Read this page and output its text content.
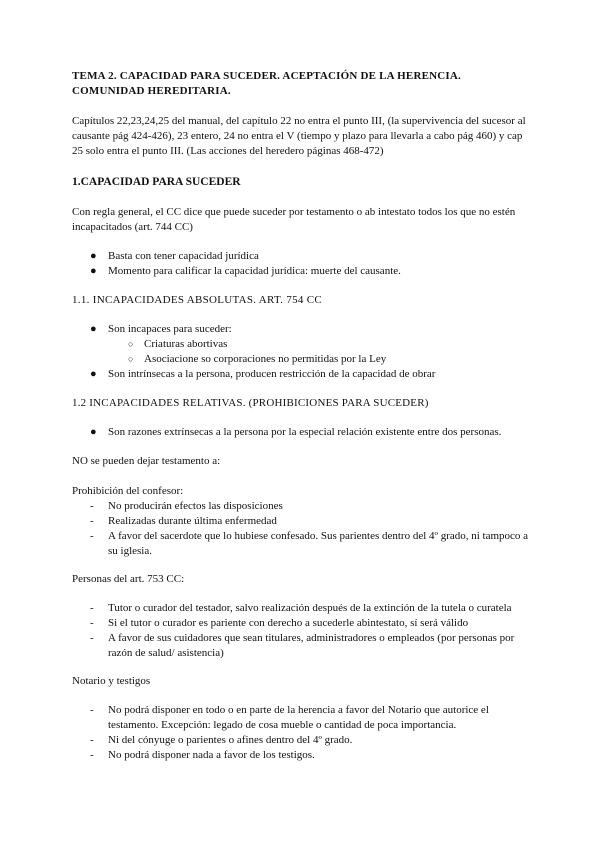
TEMA 2. CAPACIDAD PARA SUCEDER. ACEPTACIÓN DE LA HERENCIA.
COMUNIDAD HEREDITARIA.

Capítulos 22,23,24,25 del manual, del capítulo 22 no entra el punto III, (la supervivencia del sucesor al causante pág 424-426), 23 entero, 24 no entra el V (tiempo y plazo para llevarla a cabo pág 460) y cap 25 solo entra el punto III. (Las acciones del heredero páginas 468-472)

1.CAPACIDAD PARA SUCEDER

Con regla general, el CC dice que puede suceder por testamento o ab intestato todos los que no estén incapacitados (art. 744 CC)

● Basta con tener capacidad jurídica
● Momento para calificar la capacidad jurídica: muerte del causante.
1.1. INCAPACIDADES ABSOLUTAS. ART. 754 CC
● Son incapaces para suceder:
○ Criaturas abortivas
○ Asociacione so corporaciones no permitidas por la Ley
● Son intrínsecas a la persona, producen restricción de la capacidad de obrar
1.2 INCAPACIDADES RELATIVAS. (PROHIBICIONES PARA SUCEDER)
● Son razones extrínsecas a la persona por la especial relación existente entre dos personas.
NO se pueden dejar testamento a:
Prohibición del confesor:
- No producirán efectos las disposiciones
- Realizadas durante última enfermedad
- A favor del sacerdote que lo hubiese confesado. Sus parientes dentro del 4º grado, ni tampoco a su iglesia.
Personas del art. 753 CC:
- Tutor o curador del testador, salvo realización después de la extinción de la tutela o curatela
- Si el tutor o curador es pariente con derecho a sucederle abintestato, sí será válido
- A favor de sus cuidadores que sean titulares, administradores o empleados (por personas por razón de salud/ asistencia)
Notario y testigos
- No podrá disponer en todo o en parte de la herencia a favor del Notario que autorice el testamento. Excepción: legado de cosa mueble o cantidad de poca importancia.
- Ni del cónyuge o parientes o afines dentro del 4º grado.
- No podrá disponer nada a favor de los testigos.
